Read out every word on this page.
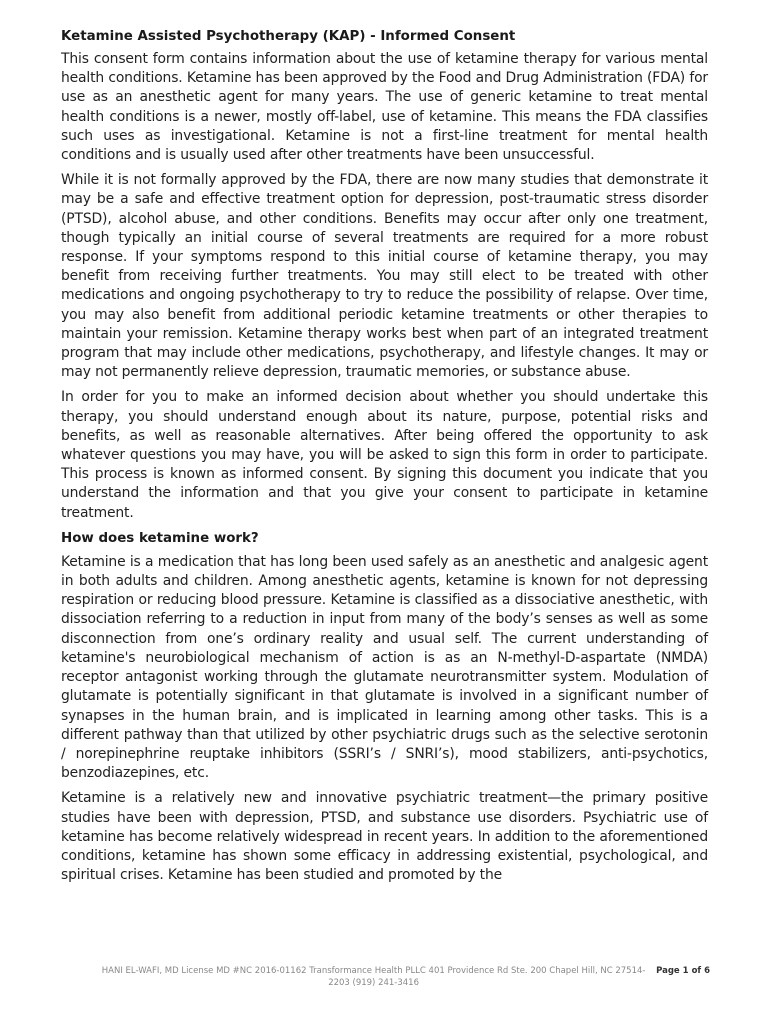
Ketamine Assisted Psychotherapy (KAP) - Informed Consent

This consent form contains information about the use of ketamine therapy for various mental health conditions. Ketamine has been approved by the Food and Drug Administration (FDA) for use as an anesthetic agent for many years. The use of generic ketamine to treat mental health conditions is a newer, mostly off-label, use of ketamine. This means the FDA classifies such uses as investigational. Ketamine is not a first-line treatment for mental health conditions and is usually used after other treatments have been unsuccessful.

While it is not formally approved by the FDA, there are now many studies that demonstrate it may be a safe and effective treatment option for depression, post-traumatic stress disorder (PTSD), alcohol abuse, and other conditions. Benefits may occur after only one treatment, though typically an initial course of several treatments are required for a more robust response. If your symptoms respond to this initial course of ketamine therapy, you may benefit from receiving further treatments. You may still elect to be treated with other medications and ongoing psychotherapy to try to reduce the possibility of relapse. Over time, you may also benefit from additional periodic ketamine treatments or other therapies to maintain your remission. Ketamine therapy works best when part of an integrated treatment program that may include other medications, psychotherapy, and lifestyle changes. It may or may not permanently relieve depression, traumatic memories, or substance abuse.

In order for you to make an informed decision about whether you should undertake this therapy, you should understand enough about its nature, purpose, potential risks and benefits, as well as reasonable alternatives. After being offered the opportunity to ask whatever questions you may have, you will be asked to sign this form in order to participate. This process is known as informed consent. By signing this document you indicate that you understand the information and that you give your consent to participate in ketamine treatment.

How does ketamine work?

Ketamine is a medication that has long been used safely as an anesthetic and analgesic agent in both adults and children. Among anesthetic agents, ketamine is known for not depressing respiration or reducing blood pressure. Ketamine is classified as a dissociative anesthetic, with dissociation referring to a reduction in input from many of the body’s senses as well as some disconnection from one’s ordinary reality and usual self. The current understanding of ketamine's neurobiological mechanism of action is as an N-methyl-D-aspartate (NMDA) receptor antagonist working through the glutamate neurotransmitter system. Modulation of glutamate is potentially significant in that glutamate is involved in a significant number of synapses in the human brain, and is implicated in learning among other tasks. This is a different pathway than that utilized by other psychiatric drugs such as the selective serotonin / norepinephrine reuptake inhibitors (SSRI’s / SNRI’s), mood stabilizers, anti-psychotics, benzodiazepines, etc.

Ketamine is a relatively new and innovative psychiatric treatment—the primary positive studies have been with depression, PTSD, and substance use disorders. Psychiatric use of ketamine has become relatively widespread in recent years. In addition to the aforementioned conditions, ketamine has shown some efficacy in addressing existential, psychological, and spiritual crises. Ketamine has been studied and promoted by the

HANI EL-WAFI, MD License MD #NC 2016-01162 Transformance Health PLLC 401 Providence Rd Ste. 200 Chapel Hill, NC 27514-2203 (919) 241-3416
Page 1 of 6
